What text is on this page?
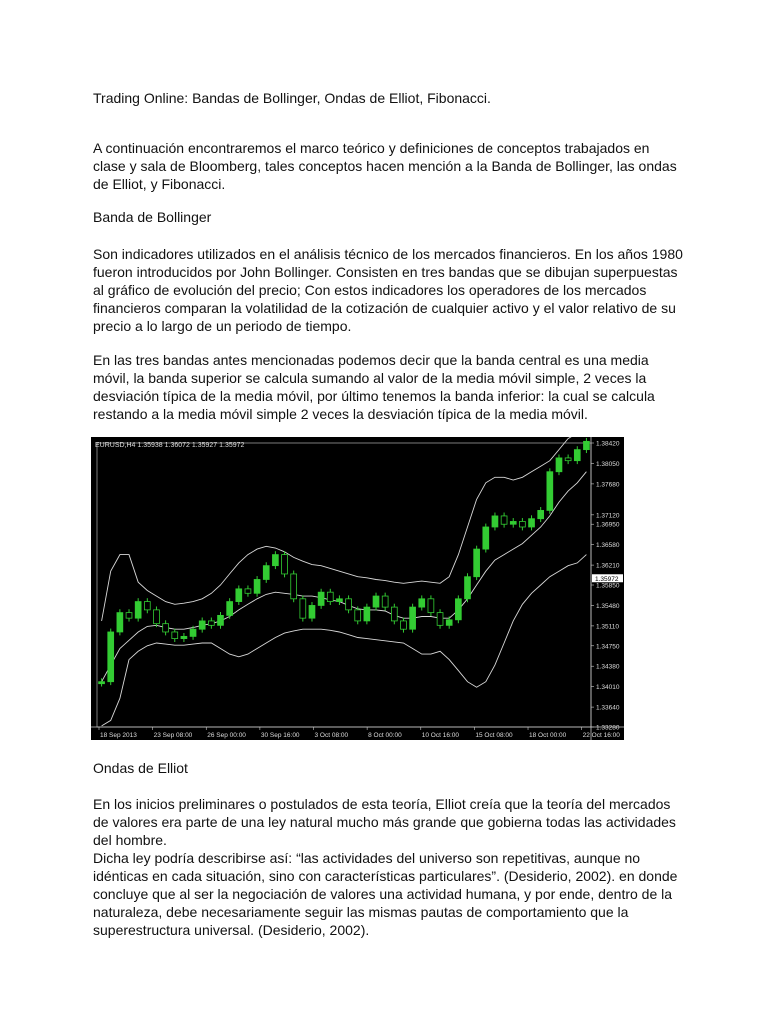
Trading Online: Bandas de Bollinger, Ondas de Elliot, Fibonacci.

A continuación encontraremos el marco teórico y definiciones de conceptos trabajados en clase y sala de Bloomberg, tales conceptos hacen mención a la Banda de Bollinger, las ondas de Elliot, y Fibonacci.

Banda de Bollinger

Son indicadores utilizados en el análisis técnico de los mercados financieros. En los años 1980 fueron introducidos por John Bollinger. Consisten en tres bandas que se dibujan superpuestas al gráfico de evolución del precio; Con estos indicadores los operadores de los mercados financieros comparan la volatilidad de la cotización de cualquier activo y el valor relativo de su precio a lo largo de un periodo de tiempo.

En las tres bandas antes mencionadas podemos decir que la banda central es una media móvil, la banda superior se calcula sumando al valor de la media móvil simple, 2 veces la desviación típica de la media móvil, por último tenemos la banda inferior: la cual se calcula restando a la media móvil simple 2 veces la desviación típica de la media móvil.

1.38420
1.38050
1.37680
1.37120
1.36950
1.36580
1.36210
1.35850
1.35480
1.35110
1.34750
1.34380
1.34010
1.33640
1.33280
1.35972
18 Sep 2013	23 Sep 08:00 26 Sep 00:00 30 Sep 16:00 3 Oct 08:00	8 Oct 00:00	10 Oct 16:00	15 Oct 08:00	18 Oct 00:00	22 Oct 16:00
EURUSD,H4 1.35938 1.36072 1.35927 1.35972

Ondas de Elliot

En los inicios preliminares o postulados de esta teoría, Elliot creía que la teoría del mercados de valores era parte de una ley natural mucho más grande que gobierna todas las actividades del hombre.

Dicha ley podría describirse así: “las actividades del universo son repetitivas, aunque no idénticas en cada situación, sino con características particulares”. (Desiderio, 2002). en donde concluye que al ser la negociación de valores una actividad humana, y por ende, dentro de la naturaleza, debe necesariamente seguir las mismas pautas de comportamiento que la superestructura universal. (Desiderio, 2002).
